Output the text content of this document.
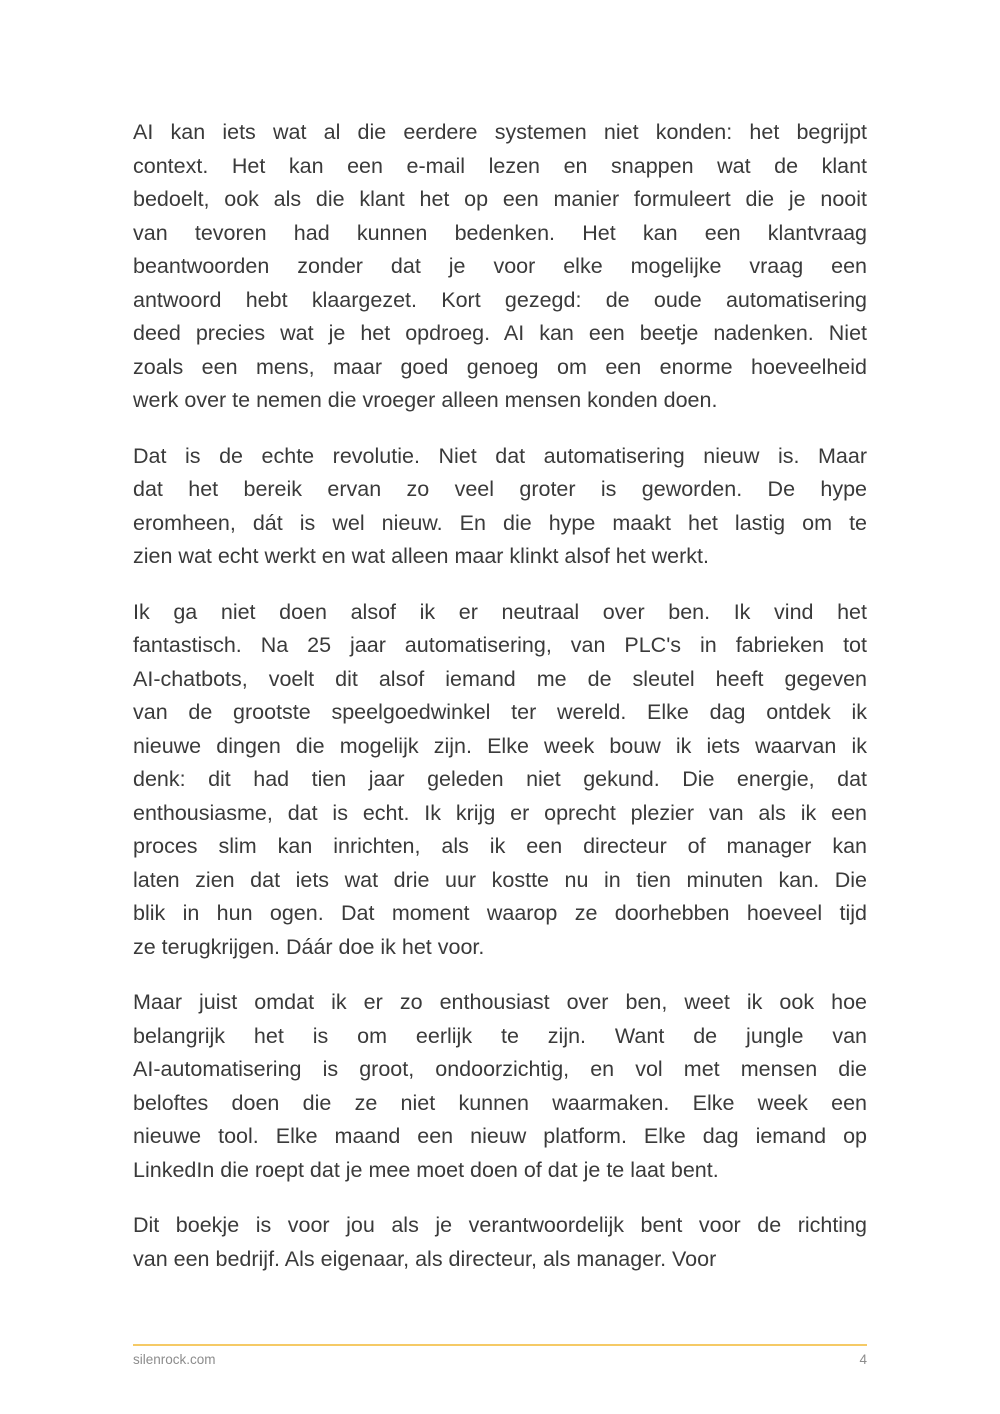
AI kan iets wat al die eerdere systemen niet konden: het begrijpt
context. Het kan een e-mail lezen en snappen wat de klant
bedoelt, ook als die klant het op een manier formuleert die je nooit
van tevoren had kunnen bedenken. Het kan een klantvraag
beantwoorden zonder dat je voor elke mogelijke vraag een
antwoord hebt klaargezet. Kort gezegd: de oude automatisering
deed precies wat je het opdroeg. AI kan een beetje nadenken. Niet
zoals een mens, maar goed genoeg om een enorme hoeveelheid
werk over te nemen die vroeger alleen mensen konden doen.
Dat is de echte revolutie. Niet dat automatisering nieuw is. Maar
dat het bereik ervan zo veel groter is geworden. De hype
eromheen, dát is wel nieuw. En die hype maakt het lastig om te
zien wat echt werkt en wat alleen maar klinkt alsof het werkt.
Ik ga niet doen alsof ik er neutraal over ben. Ik vind het
fantastisch. Na 25 jaar automatisering, van PLC's in fabrieken tot
AI-chatbots, voelt dit alsof iemand me de sleutel heeft gegeven
van de grootste speelgoedwinkel ter wereld. Elke dag ontdek ik
nieuwe dingen die mogelijk zijn. Elke week bouw ik iets waarvan ik
denk: dit had tien jaar geleden niet gekund. Die energie, dat
enthousiasme, dat is echt. Ik krijg er oprecht plezier van als ik een
proces slim kan inrichten, als ik een directeur of manager kan
laten zien dat iets wat drie uur kostte nu in tien minuten kan. Die
blik in hun ogen. Dat moment waarop ze doorhebben hoeveel tijd
ze terugkrijgen. Dáár doe ik het voor.
Maar juist omdat ik er zo enthousiast over ben, weet ik ook hoe
belangrijk het is om eerlijk te zijn. Want de jungle van
AI-automatisering is groot, ondoorzichtig, en vol met mensen die
beloftes doen die ze niet kunnen waarmaken. Elke week een
nieuwe tool. Elke maand een nieuw platform. Elke dag iemand op
LinkedIn die roept dat je mee moet doen of dat je te laat bent.
Dit boekje is voor jou als je verantwoordelijk bent voor de richting
van een bedrijf. Als eigenaar, als directeur, als manager. Voor
silenrock.com	4
